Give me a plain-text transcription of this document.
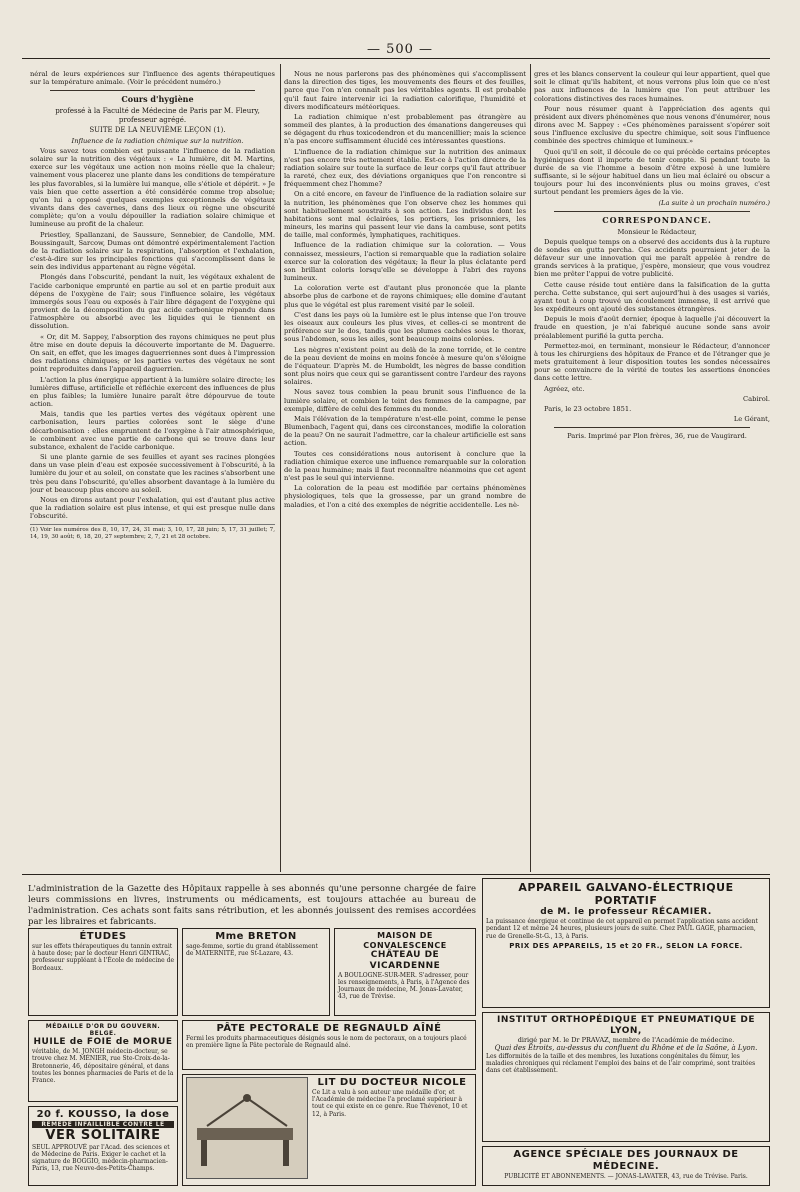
— 500 —

néral de leurs expériences sur l'influence des agents thérapeutiques sur la température animale. (Voir le précédent numéro.)

Cours d'hygiène

professé à la Faculté de Médecine de Paris par M. Fleury, professeur agrégé.

SUITE DE LA NEUVIÈME LEÇON (1).

Influence de la radiation chimique sur la nutrition.

Vous savez tous combien est puissante l'influence de la radiation solaire sur la nutrition des végétaux : « La lumière, dit M. Martins, exerce sur les végétaux une action non moins réelle que la chaleur; vainement vous placerez une plante dans les conditions de température les plus favorables, si la lumière lui manque, elle s'étiole et dépérit. » Je vais bien que cette assertion a été considérée comme trop absolue; qu'on lui a opposé quelques exemples exceptionnels de végétaux vivants dans des cavernes, dans des lieux où règne une obscurité complète; qu'on a voulu dépouiller la radiation solaire chimique et lumineuse au profit de la chaleur.

Priestley, Spallanzani, de Saussure, Sennebier, de Candolle, MM. Boussingault, Sarcow, Dumas ont démontré expérimentalement l'action de la radiation solaire sur la respiration, l'absorption et l'exhalation, c'est-à-dire sur les principales fonctions qui s'accomplissent dans le sein des individus appartenant au règne végétal.

Plongés dans l'obscurité, pendant la nuit, les végétaux exhalent de l'acide carbonique emprunté en partie au sol et en partie produit aux dépens de l'oxygène de l'air; sous l'influence solaire, les végétaux immergés sous l'eau ou exposés à l'air libre dégagent de l'oxygène qui provient de la décomposition du gaz acide carbonique répandu dans l'atmosphère ou absorbé avec les liquides qui le tiennent en dissolution.

« Or, dit M. Sappey, l'absorption des rayons chimiques ne peut plus être mise en doute depuis la découverte importante de M. Daguerre. On sait, en effet, que les images daguerriennes sont dues à l'impression des radiations chimiques; or les parties vertes des végétaux ne sont point reproduites dans l'appareil daguerrien.

L'action la plus énergique appartient à la lumière solaire directe; les lumières diffuse, artificielle et réfléchie exercent des influences de plus en plus faibles; la lumière lunaire paraît être dépourvue de toute action.

Mais, tandis que les parties vertes des végétaux opèrent une carbonisation, leurs parties colorées sont le siège d'une décarbonisation : elles empruntent de l'oxygène à l'air atmosphérique, le combinent avec une partie de carbone qui se trouve dans leur substance, exhalent de l'acide carbonique.

Si une plante garnie de ses feuilles et ayant ses racines plongées dans un vase plein d'eau est exposée successivement à l'obscurité, à la lumière du jour et au soleil, on constate que les racines s'absorbent une très peu dans l'obscurité, qu'elles absorbent davantage à la lumière du jour et beaucoup plus encore au soleil.

Nous en dirons autant pour l'exhalation, qui est d'autant plus active que la radiation solaire est plus intense, et qui est presque nulle dans l'obscurité.

(1) Voir les numéros des 8, 10, 17, 24, 31 mai; 3, 10, 17, 28 juin; 5, 17, 31 juillet; 7, 14, 19, 30 août; 6, 18, 20, 27 septembre; 2, 7, 21 et 28 octobre.

Nous ne nous parlerons pas des phénomènes qui s'accomplissent dans la direction des tiges, les mouvements des fleurs et des feuilles, parce que l'on n'en connaît pas les véritables agents. Il est probable qu'il faut faire intervenir ici la radiation calorifique, l'humidité et divers modificateurs météoriques.

La radiation chimique n'est probablement pas étrangère au sommeil des plantes, à la production des émanations dangereuses qui se dégagent du rhus toxicodendron et du mancenillier; mais la science n'a pas encore suffisamment élucidé ces intéressantes questions.

L'influence de la radiation chimique sur la nutrition des animaux n'est pas encore très nettement établie. Est-ce à l'action directe de la radiation solaire sur toute la surface de leur corps qu'il faut attribuer la rareté, chez eux, des déviations organiques que l'on rencontre si fréquemment chez l'homme?

On a cité encore, en faveur de l'influence de la radiation solaire sur la nutrition, les phénomènes que l'on observe chez les hommes qui sont habituellement soustraits à son action. Les individus dont les habitations sont mal éclairées, les portiers, les prisonniers, les mineurs, les marins qui passent leur vie dans la cambuse, sont petits de taille, mal conformés, lymphatiques, rachitiques.

Influence de la radiation chimique sur la coloration. — Vous connaissez, messieurs, l'action si remarquable que la radiation solaire exerce sur la coloration des végétaux; la fleur la plus éclatante perd son brillant coloris lorsqu'elle se développe à l'abri des rayons lumineux.

La coloration verte est d'autant plus prononcée que la plante absorbe plus de carbone et de rayons chimiques; elle domine d'autant plus que le végétal est plus rarement visité par le soleil.

C'est dans les pays où la lumière est le plus intense que l'on trouve les oiseaux aux couleurs les plus vives, et celles-ci se montrent de préférence sur le dos, tandis que les plumes cachées sous le thorax, sous l'abdomen, sous les ailes, sont beaucoup moins colorées.

Les nègres n'existent point au delà de la zone torride, et le centre de la peau devient de moins en moins foncée à mesure qu'on s'éloigne de l'équateur. D'après M. de Humboldt, les nègres de basse condition sont plus noirs que ceux qui se garantissent contre l'ardeur des rayons solaires.

Nous savez tous combien la peau brunit sous l'influence de la lumière solaire, et combien le teint des femmes de la campagne, par exemple, diffère de celui des femmes du monde.

Mais l'élévation de la température n'est-elle point, comme le pense Blumenbach, l'agent qui, dans ces circonstances, modifie la coloration de la peau? On ne saurait l'admettre, car la chaleur artificielle est sans action.

Toutes ces considérations nous autorisent à conclure que la radiation chimique exerce une influence remarquable sur la coloration de la peau humaine; mais il faut reconnaître néanmoins que cet agent n'est pas le seul qui intervienne.

La coloration de la peau est modifiée par certains phénomènes physiologiques, tels que la grossesse, par un grand nombre de maladies, et l'on a cité des exemples de négritie accidentelle. Les nè-

gres et les blancs conservent la couleur qui leur appartient, quel que soit le climat qu'ils habitent, et nous verrons plus loin que ce n'est pas aux influences de la lumière que l'on peut attribuer les colorations distinctives des races humaines.

Pour nous résumer quant à l'appréciation des agents qui président aux divers phénomènes que nous venons d'énumérer, nous dirons avec M. Sappey : «Ces phénomènes paraissent s'opérer soit sous l'influence exclusive du spectre chimique, soit sous l'influence combinée des spectres chimique et lumineux.»

Quoi qu'il en soit, il découle de ce qui précède certains préceptes hygiéniques dont il importe de tenir compte. Si pendant toute la durée de sa vie l'homme a besoin d'être exposé à une lumière suffisante, si le séjour habituel dans un lieu mal éclairé ou obscur a toujours pour lui des inconvénients plus ou moins graves, c'est surtout pendant les premiers âges de la vie.

(La suite à un prochain numéro.)

CORRESPONDANCE.

Monsieur le Rédacteur,

Depuis quelque temps on a observé des accidents dus à la rupture de sondes en gutta percha. Ces accidents pourraient jeter de la défaveur sur une innovation qui me paraît appelée à rendre de grands services à la pratique, j'espère, monsieur, que vous voudrez bien me prêter l'appui de votre publicité.

Cette cause réside tout entière dans la falsification de la gutta percha. Cette substance, qui sert aujourd'hui à des usages si variés, ayant tout à coup trouvé un écoulement immense, il est arrivé que les expéditeurs ont ajouté des substances étrangères.

Depuis le mois d'août dernier, époque à laquelle j'ai découvert la fraude en question, je n'ai fabriqué aucune sonde sans avoir préalablement purifié la gutta percha.

Permettez-moi, en terminant, monsieur le Rédacteur, d'annoncer à tous les chirurgiens des hôpitaux de France et de l'étranger que je mets gratuitement à leur disposition toutes les sondes nécessaires pour se convaincre de la vérité de toutes les assertions énoncées dans cette lettre.

Agréez, etc.

Cabirol.

Paris, le 23 octobre 1851.

Le Gérant,

Paris. Imprimé par Plon frères, 36, rue de Vaugirard.

L'administration de la Gazette des Hôpitaux rappelle à ses abonnés qu'une personne chargée de faire leurs commissions en livres, instruments ou médicaments, est toujours attachée au bureau de l'administration. Ces achats sont faits sans rétribution, et les abonnés jouissent des remises accordées par les libraires et fabricants.
ÉTUDES
sur les effets thérapeutiques du tannin extrait à haute dose; par le docteur Henri GINTRAC, professeur suppléant à l'École de médecine de Bordeaux.
Mme BRETON
sage-femme, sortie du grand établissement de MATERNITÉ, rue St-Lazare, 43.
MAISON DE CONVALESCENCE
CHÂTEAU DE VICARDENNE
A BOULOGNE-SUR-MER. S'adresser, pour les renseignements, à Paris, à l'Agence des Journaux de médecine, M. Jonas-Lavater, 43, rue de Trévise.
MÉDAILLE D'OR DU GOUVERN. BELGE.
HUILE de FOIE de MORUE
véritable, de M. JONGH médecin-docteur, se trouve chez M. MÉNIER, rue Ste-Croix-de-la-Bretonnerie, 46, dépositaire général, et dans toutes les bonnes pharmacies de Paris et de la France.
PÂTE PECTORALE DE REGNAULD AÎNÉ
Fermi les produits pharmaceutiques désignés sous le nom de pectoraux, on a toujours placé en première ligne la Pâte pectorale de Regnauld aîné.
20 f. KOUSSO, la dose
REMÈDE INFAILLIBLE CONTRE LE
VER SOLITAIRE
SEUL APPROUVÉ par l'Acad. des sciences et de Médecine de Paris. Exiger le cachet et la signature de BOGGIO, médecin-pharmacien-Paris, 13, rue Neuve-des-Petits-Champs.
LIT DU DOCTEUR NICOLE
Ce Lit a valu à son auteur une médaille d'or, et l'Académie de médecine l'a proclamé supérieur à tout ce qui existe en ce genre. Rue Thévenot, 10 et 12, à Paris.
APPAREIL GALVANO-ÉLECTRIQUE PORTATIF
de M. le professeur RÉCAMIER.
La puissance énergique et continue de cet appareil en permet l'application sans accident pendant 12 et même 24 heures, plusieurs jours de suite. Chez PAUL GAGE, pharmacien, rue de Grenelle-St-G., 13, à Paris.
PRIX DES APPAREILS, 15 et 20 FR., SELON LA FORCE.
INSTITUT ORTHOPÉDIQUE ET PNEUMATIQUE DE LYON,
dirigé par M. le Dr PRAVAZ, membre de l'Académie de médecine.
Quai des Étroits, au-dessus du confluent du Rhône et de la Saône, à Lyon.
Les difformités de la taille et des membres, les luxations congénitales du fémur, les maladies chroniques qui réclament l'emploi des bains et de l'air comprimé, sont traitées dans cet établissement.
AGENCE SPÉCIALE DES JOURNAUX DE MÉDECINE.
PUBLICITÉ ET ABONNEMENTS. — JONAS-LAVATER, 43, rue de Trévise. Paris.
